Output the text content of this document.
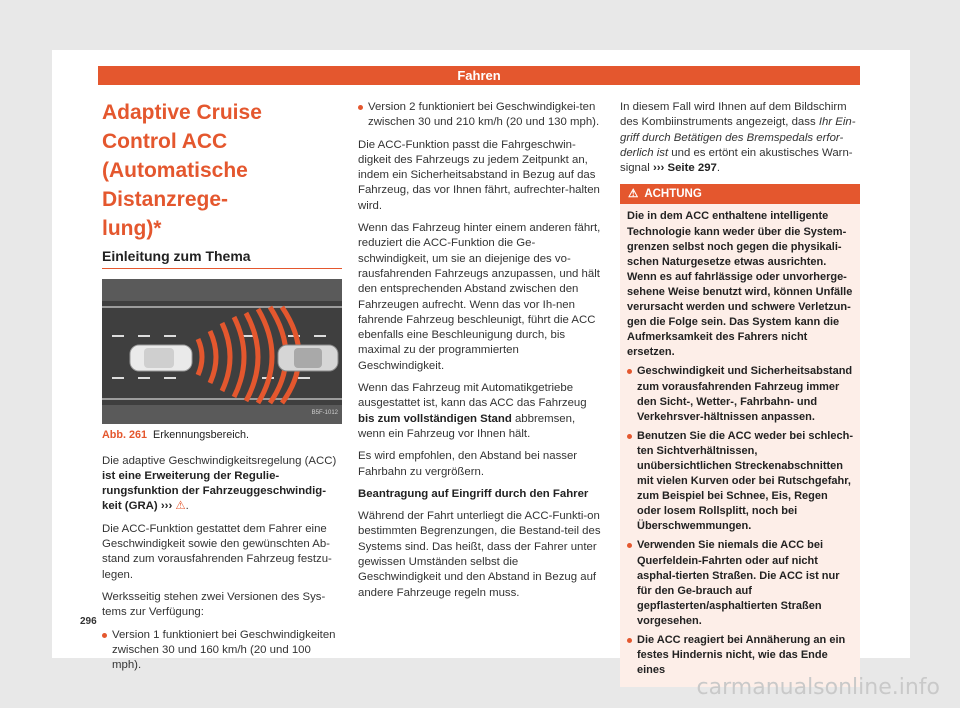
Fahren
Adaptive Cruise Control ACC
(Automatische Distanzrege-
lung)*
Einleitung zum Thema
B5F-1012
Abb. 261 Erkennungsbereich.

Die adaptive Geschwindigkeitsregelung (ACC) ist eine Erweiterung der Regulie-rungsfunktion der Fahrzeuggeschwindig-keit (GRA) ››› ⚠.

Die ACC-Funktion gestattet dem Fahrer eine Geschwindigkeit sowie den gewünschten Ab-stand zum vorausfahrenden Fahrzeug festzu-legen.

Werksseitig stehen zwei Versionen des Sys-tems zur Verfügung:

Version 1 funktioniert bei Geschwindigkeiten zwischen 30 und 160 km/h (20 und 100 mph).

Version 2 funktioniert bei Geschwindigkei-ten zwischen 30 und 210 km/h (20 und 130 mph).

Die ACC-Funktion passt die Fahrgeschwin-digkeit des Fahrzeugs zu jedem Zeitpunkt an, indem ein Sicherheitsabstand in Bezug auf das Fahrzeug, das vor Ihnen fährt, aufrechter-halten wird.

Wenn das Fahrzeug hinter einem anderen fährt, reduziert die ACC-Funktion die Ge-schwindigkeit, um sie an diejenige des vo-rausfahrenden Fahrzeugs anzupassen, und hält den entsprechenden Abstand zwischen den Fahrzeugen aufrecht. Wenn das vor Ih-nen fahrende Fahrzeug beschleunigt, führt die ACC ebenfalls eine Beschleunigung durch, bis maximal zu der programmierten Geschwindigkeit.

Wenn das Fahrzeug mit Automatikgetriebe ausgestattet ist, kann das ACC das Fahrzeug bis zum vollständigen Stand abbremsen, wenn ein Fahrzeug vor Ihnen hält.

Es wird empfohlen, den Abstand bei nasser Fahrbahn zu vergrößern.

Beantragung auf Eingriff durch den Fahrer

Während der Fahrt unterliegt die ACC-Funkti-on bestimmten Begrenzungen, die Bestand-teil des Systems sind. Das heißt, dass der Fahrer unter gewissen Umständen selbst die Geschwindigkeit und den Abstand in Bezug auf andere Fahrzeuge regeln muss.

In diesem Fall wird Ihnen auf dem Bildschirm des Kombiinstruments angezeigt, dass Ihr Ein-griff durch Betätigen des Bremspedals erfor-derlich ist und es ertönt ein akustisches Warn-signal ››› Seite 297.

⚠ ACHTUNG

Die in dem ACC enthaltene intelligente Technologie kann weder über die System-grenzen selbst noch gegen die physikali-schen Naturgesetze etwas ausrichten. Wenn es auf fahrlässige oder unvorherge-sehene Weise benutzt wird, können Unfälle verursacht werden und schwere Verletzun-gen die Folge sein. Das System kann die Aufmerksamkeit des Fahrers nicht ersetzen.

Geschwindigkeit und Sicherheitsabstand zum vorausfahrenden Fahrzeug immer den Sicht-, Wetter-, Fahrbahn- und Verkehrsver-hältnissen anpassen.

Benutzen Sie die ACC weder bei schlech-ten Sichtverhältnissen, unübersichtlichen Streckenabschnitten mit vielen Kurven oder bei Rutschgefahr, zum Beispiel bei Schnee, Eis, Regen oder losem Rollsplitt, noch bei Überschwemmungen.

Verwenden Sie niemals die ACC bei Querfeldein-Fahrten oder auf nicht asphal-tierten Straßen. Die ACC ist nur für den Ge-brauch auf gepflasterten/asphaltierten Straßen vorgesehen.

Die ACC reagiert bei Annäherung an ein festes Hindernis nicht, wie das Ende eines

296
carmanualsonline.info
